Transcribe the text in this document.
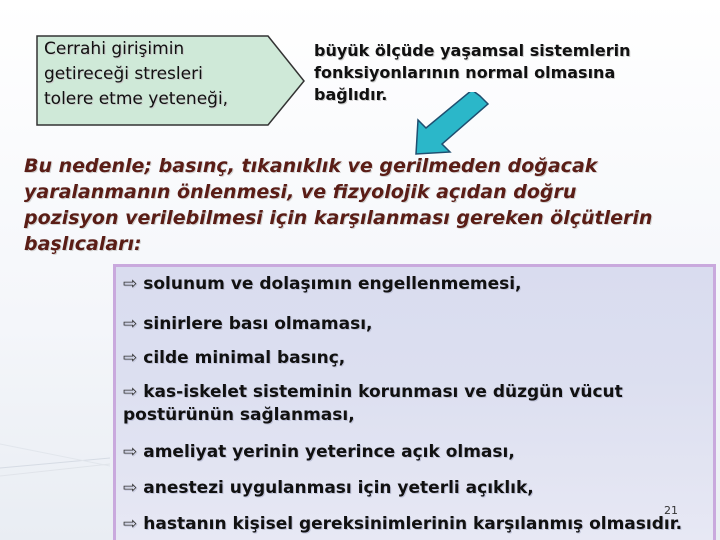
Cerrahi girişimin
getireceği stresleri
tolere etme yeteneği,
büyük ölçüde yaşamsal sistemlerin
fonksiyonlarının normal olmasına
bağlıdır.
Bu nedenle; basınç, tıkanıklık ve gerilmeden doğacak
yaralanmanın önlenmesi, ve fizyolojik açıdan doğru
pozisyon verilebilmesi için karşılanması gereken ölçütlerin
başlıcaları:
⇨ solunum ve dolaşımın engellenmemesi,
⇨ sinirlere bası olmaması,
⇨ cilde minimal basınç,
⇨ kas-iskelet sisteminin korunması ve düzgün vücut
postürünün sağlanması,
⇨ ameliyat yerinin yeterince açık olması,
⇨ anestezi uygulanması için yeterli açıklık,
⇨ hastanın kişisel gereksinimlerinin karşılanmış olmasıdır.
21
